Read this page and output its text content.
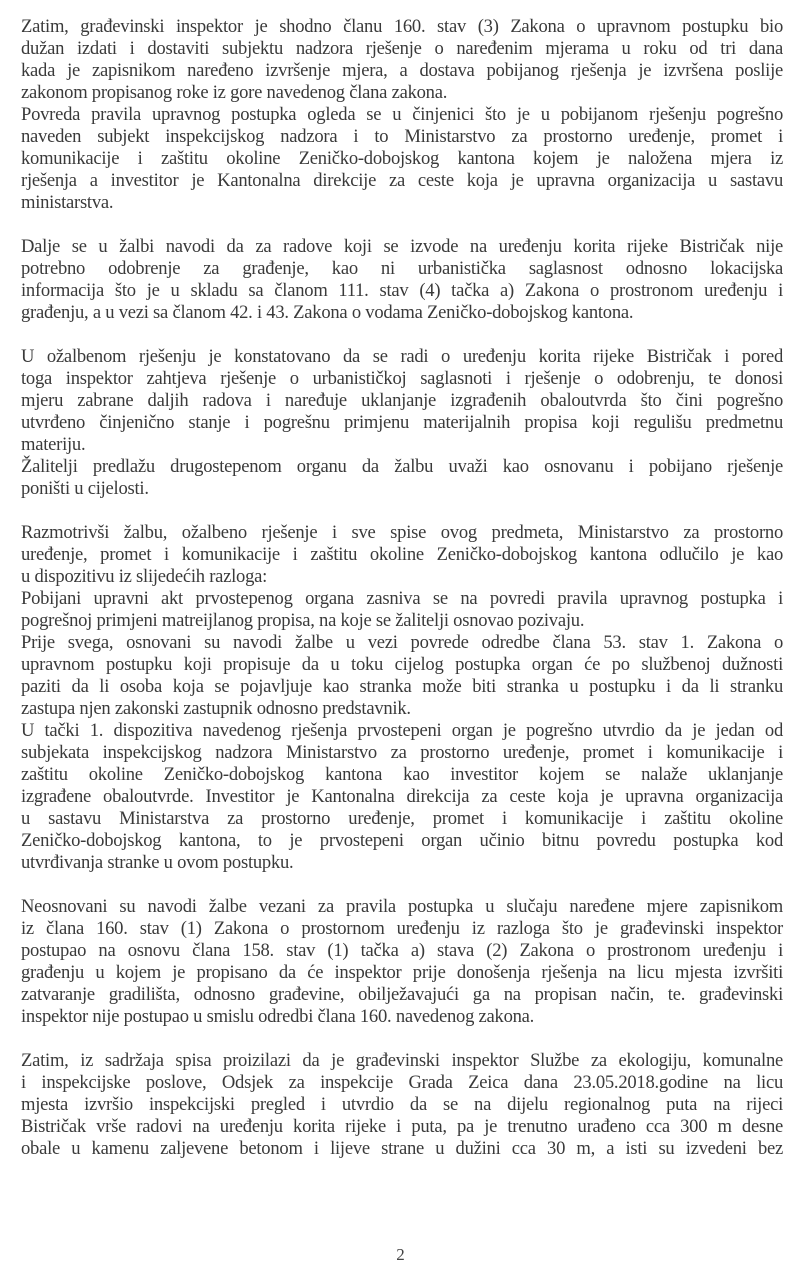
Zatim, građevinski inspektor je shodno članu 160. stav (3) Zakona o upravnom postupku bio
dužan izdati i dostaviti subjektu nadzora rješenje o naređenim mjerama u roku od tri dana
kada je zapisnikom naređeno izvršenje mjera, a dostava pobijanog rješenja je izvršena poslije
zakonom propisanog roke iz gore navedenog člana zakona.
Povreda pravila upravnog postupka ogleda se u činjenici što je u pobijanom rješenju pogrešno
naveden subjekt inspekcijskog nadzora i to Ministarstvo za prostorno uređenje, promet i
komunikacije i zaštitu okoline Zeničko-dobojskog kantona kojem je naložena mjera iz
rješenja a investitor je Kantonalna direkcije za ceste koja je upravna organizacija u sastavu
ministarstva.
Dalje se u žalbi navodi da za radove koji se izvode na uređenju korita rijeke Bistričak nije
potrebno odobrenje za građenje, kao ni urbanistička saglasnost odnosno lokacijska
informacija što je u skladu sa članom 111. stav (4) tačka a) Zakona o prostronom uređenju i
građenju, a u vezi sa članom 42. i 43. Zakona o vodama Zeničko-dobojskog kantona.
U ožalbenom rješenju je konstatovano da se radi o uređenju korita rijeke Bistričak i pored
toga inspektor zahtjeva rješenje o urbanističkoj saglasnoti i rješenje o odobrenju, te donosi
mjeru zabrane daljih radova i naređuje uklanjanje izgrađenih obaloutvrda što čini pogrešno
utvrđeno činjenično stanje i pogrešnu primjenu materijalnih propisa koji regulišu predmetnu
materiju.
Žalitelji predlažu drugostepenom organu da žalbu uvaži kao osnovanu i pobijano rješenje
poništi u cijelosti.
Razmotrivši žalbu, ožalbeno rješenje i sve spise ovog predmeta, Ministarstvo za prostorno
uređenje, promet i komunikacije i zaštitu okoline Zeničko-dobojskog kantona odlučilo je kao
u dispozitivu iz slijedećih razloga:
Pobijani upravni akt prvostepenog organa zasniva se na povredi pravila upravnog postupka i
pogrešnoj primjeni matreijlanog propisa, na koje se žalitelji osnovao pozivaju.
Prije svega, osnovani su navodi žalbe u vezi povrede odredbe člana 53. stav 1. Zakona o
upravnom postupku koji propisuje da u toku cijelog postupka organ će po službenoj dužnosti
paziti da li osoba koja se pojavljuje kao stranka može biti stranka u postupku i da li stranku
zastupa njen zakonski zastupnik odnosno predstavnik.
U tački 1. dispozitiva navedenog rješenja prvostepeni organ je pogrešno utvrdio da je jedan od
subjekata inspekcijskog nadzora Ministarstvo za prostorno uređenje, promet i komunikacije i
zaštitu okoline Zeničko-dobojskog kantona kao investitor kojem se nalaže uklanjanje
izgrađene obaloutvrde. Investitor je Kantonalna direkcija za ceste koja je upravna organizacija
u sastavu Ministarstva za prostorno uređenje, promet i komunikacije i zaštitu okoline
Zeničko-dobojskog kantona, to je prvostepeni organ učinio bitnu povredu postupka kod
utvrđivanja stranke u ovom postupku.
Neosnovani su navodi žalbe vezani za pravila postupka u slučaju naređene mjere zapisnikom
iz člana 160. stav (1) Zakona o prostornom uređenju iz razloga što je građevinski inspektor
postupao na osnovu člana 158. stav (1) tačka a) stava (2) Zakona o prostronom uređenju i
građenju u kojem je propisano da će inspektor prije donošenja rješenja na licu mjesta izvršiti
zatvaranje gradilišta, odnosno građevine, obilježavajući ga na propisan način, te. građevinski
inspektor nije postupao u smislu odredbi člana 160. navedenog zakona.
Zatim, iz sadržaja spisa proizilazi da je građevinski inspektor Službe za ekologiju, komunalne
i inspekcijske poslove, Odsjek za inspekcije Grada Zeica dana 23.05.2018.godine na licu
mjesta izvršio inspekcijski pregled i utvrdio da se na dijelu regionalnog puta na rijeci
Bistričak vrše radovi na uređenju korita rijeke i puta, pa je trenutno urađeno cca 300 m desne
obale u kamenu zaljevene betonom i lijeve strane u dužini cca 30 m, a isti su izvedeni bez
2
